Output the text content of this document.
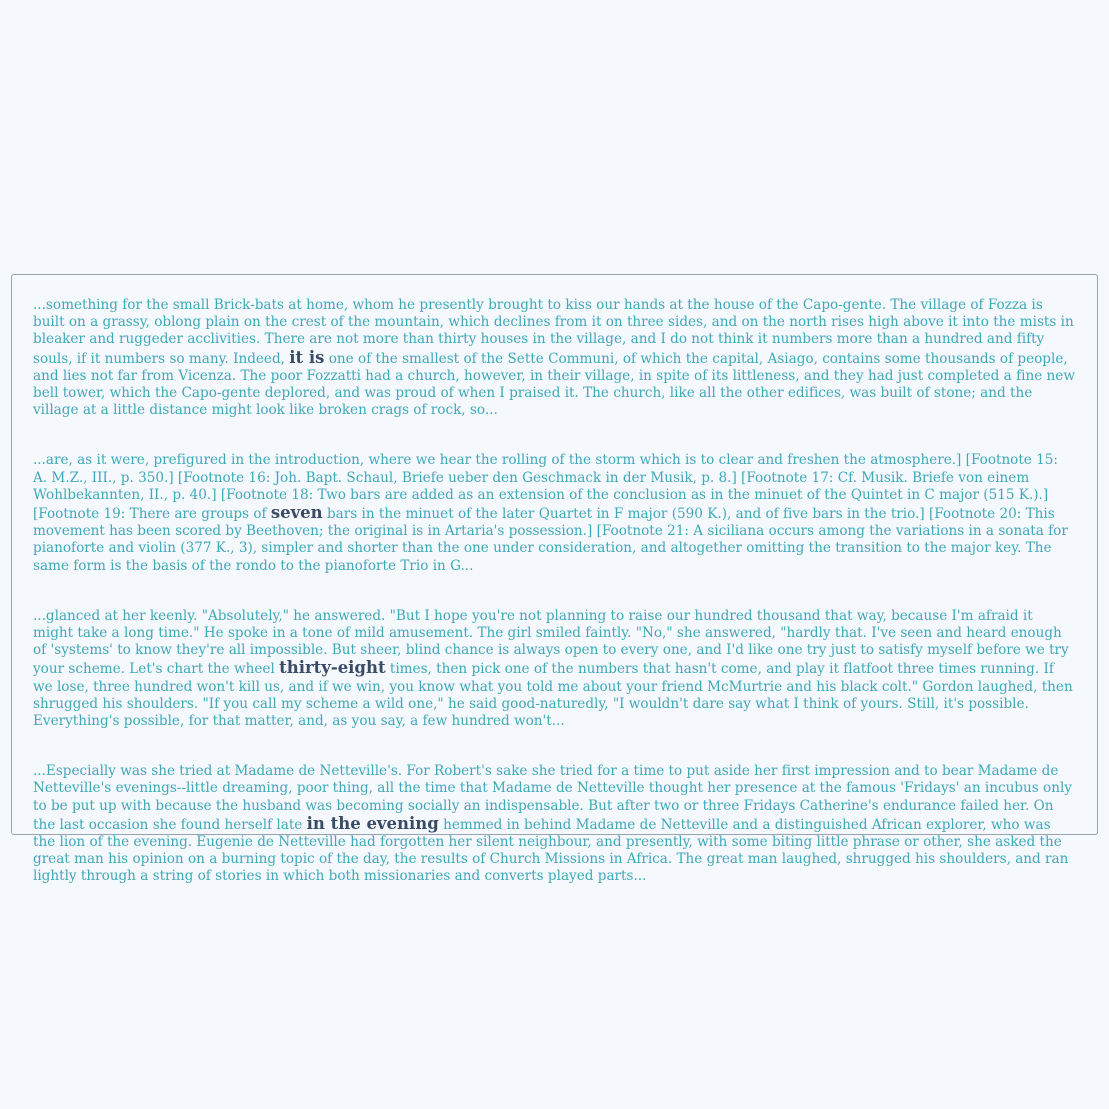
...something for the small Brick-bats at home, whom he presently brought to kiss our hands at the house of the Capo-gente. The village of Fozza is built on a grassy, oblong plain on the crest of the mountain, which declines from it on three sides, and on the north rises high above it into the mists in bleaker and ruggeder acclivities. There are not more than thirty houses in the village, and I do not think it numbers more than a hundred and fifty souls, if it numbers so many. Indeed, it is one of the smallest of the Sette Communi, of which the capital, Asiago, contains some thousands of people, and lies not far from Vicenza. The poor Fozzatti had a church, however, in their village, in spite of its littleness, and they had just completed a fine new bell tower, which the Capo-gente deplored, and was proud of when I praised it. The church, like all the other edifices, was built of stone; and the village at a little distance might look like broken crags of rock, so...

...are, as it were, prefigured in the introduction, where we hear the rolling of the storm which is to clear and freshen the atmosphere.] [Footnote 15: A. M.Z., III., p. 350.] [Footnote 16: Joh. Bapt. Schaul, Briefe ueber den Geschmack in der Musik, p. 8.] [Footnote 17: Cf. Musik. Briefe von einem Wohlbekannten, II., p. 40.] [Footnote 18: Two bars are added as an extension of the conclusion as in the minuet of the Quintet in C major (515 K.).] [Footnote 19: There are groups of seven bars in the minuet of the later Quartet in F major (590 K.), and of five bars in the trio.] [Footnote 20: This movement has been scored by Beethoven; the original is in Artaria's possession.] [Footnote 21: A siciliana occurs among the variations in a sonata for pianoforte and violin (377 K., 3), simpler and shorter than the one under consideration, and altogether omitting the transition to the major key. The same form is the basis of the rondo to the pianoforte Trio in G...

...glanced at her keenly. "Absolutely," he answered. "But I hope you're not planning to raise our hundred thousand that way, because I'm afraid it might take a long time." He spoke in a tone of mild amusement. The girl smiled faintly. "No," she answered, "hardly that. I've seen and heard enough of 'systems' to know they're all impossible. But sheer, blind chance is always open to every one, and I'd like one try just to satisfy myself before we try your scheme. Let's chart the wheel thirty-eight times, then pick one of the numbers that hasn't come, and play it flatfoot three times running. If we lose, three hundred won't kill us, and if we win, you know what you told me about your friend McMurtrie and his black colt." Gordon laughed, then shrugged his shoulders. "If you call my scheme a wild one," he said good-naturedly, "I wouldn't dare say what I think of yours. Still, it's possible. Everything's possible, for that matter, and, as you say, a few hundred won't...

...Especially was she tried at Madame de Netteville's. For Robert's sake she tried for a time to put aside her first impression and to bear Madame de Netteville's evenings--little dreaming, poor thing, all the time that Madame de Netteville thought her presence at the famous 'Fridays' an incubus only to be put up with because the husband was becoming socially an indispensable. But after two or three Fridays Catherine's endurance failed her. On the last occasion she found herself late in the evening hemmed in behind Madame de Netteville and a distinguished African explorer, who was the lion of the evening. Eugenie de Netteville had forgotten her silent neighbour, and presently, with some biting little phrase or other, she asked the great man his opinion on a burning topic of the day, the results of Church Missions in Africa. The great man laughed, shrugged his shoulders, and ran lightly through a string of stories in which both missionaries and converts played parts...
